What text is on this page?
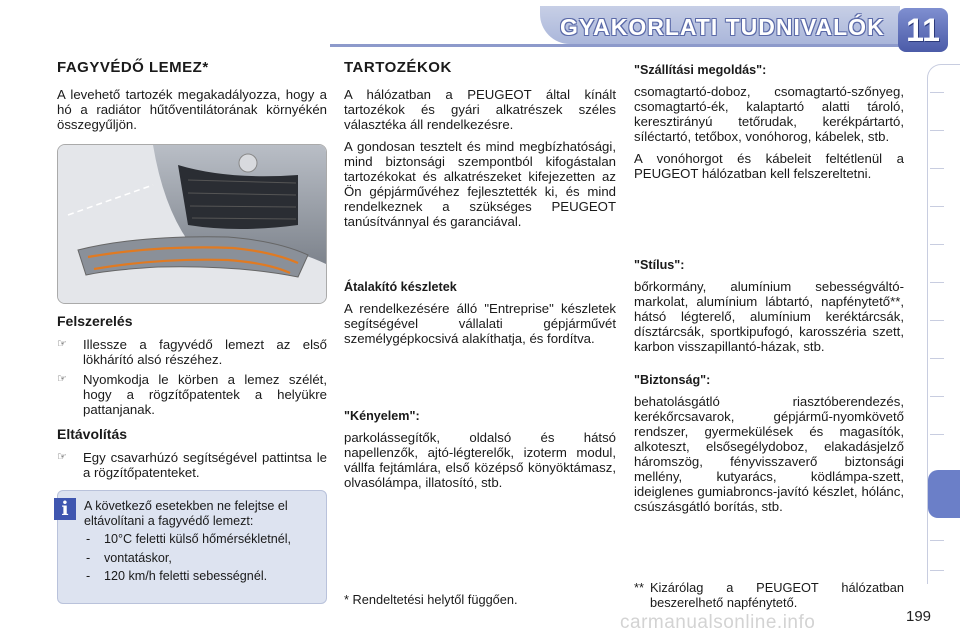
GYAKORLATI TUDNIVALÓK 11
FAGYVÉDŐ LEMEZ*

A levehető tartozék megakadályozza, hogy a hó a radiátor hűtőventilátorának környékén összegyűljön.

Felszerelés
☞ Illessze a fagyvédő lemezt az első lökhárító alsó részéhez.
☞ Nyomkodja le körben a lemez szélét, hogy a rögzítőpatentek a helyükre pattanjanak.
Eltávolítás
☞ Egy csavarhúzó segítségével pattintsa le a rögzítőpatenteket.
A következő esetekben ne felejtse el eltávolítani a fagyvédő lemezt:
- 10°C feletti külső hőmérsékletnél,
- vontatáskor,
- 120 km/h feletti sebességnél.
i
TARTOZÉKOK

A hálózatban a PEUGEOT által kínált tartozékok és gyári alkatrészek széles választéka áll rendelkezésre.

A gondosan tesztelt és mind megbízhatósági, mind biztonsági szempontból kifogástalan tartozékokat és alkatrészeket kifejezetten az Ön gépjárművéhez fejlesztették ki, és mind rendelkeznek a szükséges PEUGEOT tanúsítvánnyal és garanciával.

Átalakító készletek

A rendelkezésére álló "Entreprise" készletek segítségével vállalati gépjárművét személygépkocsivá alakíthatja, és fordítva.

"Kényelem":

parkolássegítők, oldalsó és hátsó napellenzők, ajtó-légterelők, izoterm modul, vállfa fejtámlára, első középső könyöktámasz, olvasólámpa, illatosító, stb.

"Szállítási megoldás":

csomagtartó-doboz, csomagtartó-szőnyeg, csomagtartó-ék, kalaptartó alatti tároló, keresztirányú tetőrudak, kerékpártartó, síléctartó, tetőbox, vonóhorog, kábelek, stb.

A vonóhorgot és kábeleit feltétlenül a PEUGEOT hálózatban kell felszereltetni.

"Stílus":

bőrkormány, alumínium sebességváltó-markolat, alumínium lábtartó, napfénytető**, hátsó légterelő, alumínium keréktárcsák, dísztárcsák, sportkipufogó, karosszéria szett, karbon visszapillantó-házak, stb.

"Biztonság":

behatolásgátló riasztóberendezés, kerékőrcsavarok, gépjármű-nyomkövető rendszer, gyermekülések és magasítók, alkoteszt, elsősegélydoboz, elakadásjelző háromszög, fényvisszaverő biztonsági mellény, kutyarács, ködlámpa-szett, ideiglenes gumiabroncs-javító készlet, hólánc, csúszásgátló borítás, stb.

* Rendeltetési helytől függően.
** Kizárólag a PEUGEOT hálózatban beszerelhető napfénytető.
carmanualsonline.info	199
